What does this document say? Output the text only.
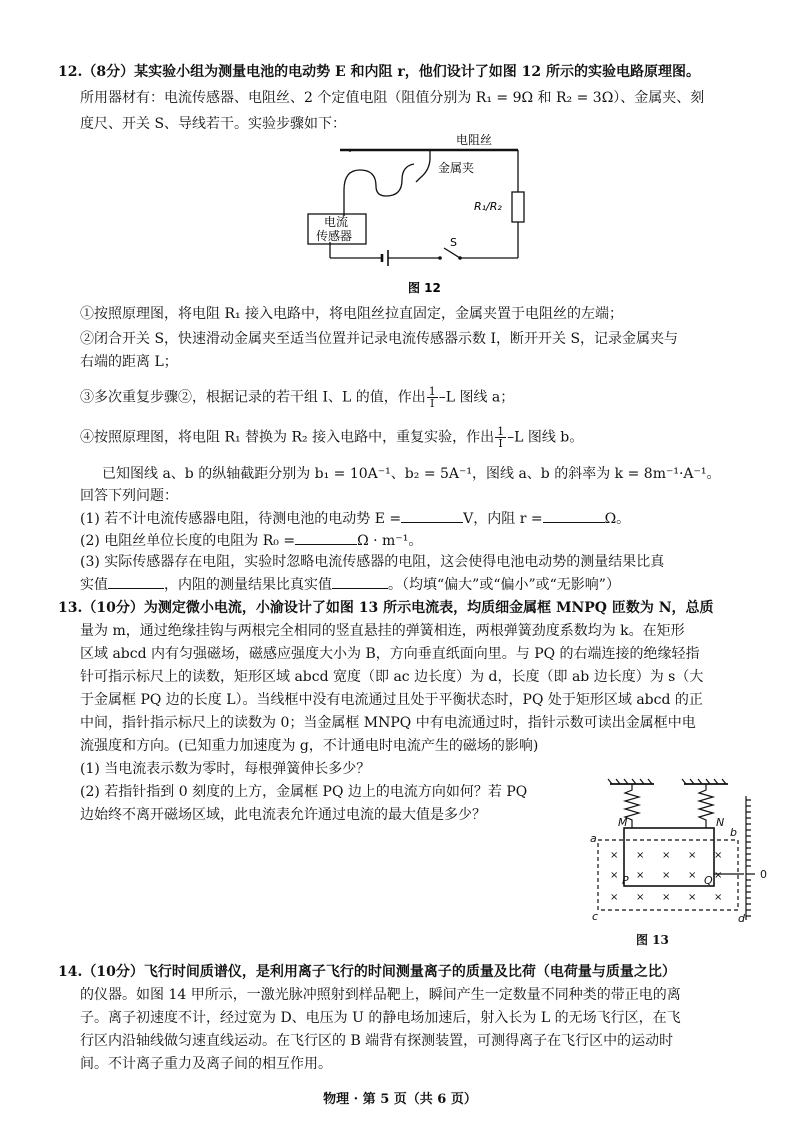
12.（8分）某实验小组为测量电池的电动势 E 和内阻 r，他们设计了如图 12 所示的实验电路原理图。

所用器材有：电流传感器、电阻丝、2 个定值电阻（阻值分别为 R₁ = 9Ω 和 R₂ = 3Ω）、金属夹、刻

度尺、开关 S、导线若干。实验步骤如下：

电阻丝
金属夹
电流
传感器
R₁/R₂
S
图 12

①按照原理图，将电阻 R₁ 接入电路中，将电阻丝拉直固定，金属夹置于电阻丝的左端；

②闭合开关 S，快速滑动金属夹至适当位置并记录电流传感器示数 I，断开开关 S，记录金属夹与

右端的距离 L；

③多次重复步骤②，根据记录的若干组 I、L 的值，作出 $\frac{1}{I} -L$ 图线 a；

④按照原理图，将电阻 R₁ 替换为 R₂ 接入电路中，重复实验，作出 $\frac{1}{I} -L$ 图线 b。

已知图线 a、b 的纵轴截距分别为 b₁ = 10A⁻¹、b₂ = 5A⁻¹，图线 a、b 的斜率为 k = 8m⁻¹·A⁻¹。

回答下列问题：

(1) 若不计电流传感器电阻，待测电池的电动势 E =	V，内阻 r =	Ω。

(2) 电阻丝单位长度的电阻为 R₀ =	Ω · m⁻¹。

(3) 实际传感器存在电阻，实验时忽略电流传感器的电阻，这会使得电池电动势的测量结果比真

实值	，内阻的测量结果比真实值	。（均填“偏大”或“偏小”或“无影响”）

13.（10分）为测定微小电流，小渝设计了如图 13 所示电流表，均质细金属框 MNPQ 匝数为 N，总质

量为 m，通过绝缘挂钩与两根完全相同的竖直悬挂的弹簧相连，两根弹簧劲度系数均为 k。在矩形

区域 abcd 内有匀强磁场，磁感应强度大小为 B，方向垂直纸面向里。与 PQ 的右端连接的绝缘轻指

针可指示标尺上的读数，矩形区域 abcd 宽度（即 ac 边长度）为 d，长度（即 ab 边长度）为 s（大

于金属框 PQ 边的长度 L）。当线框中没有电流通过且处于平衡状态时，PQ 处于矩形区域 abcd 的正

中间，指针指示标尺上的读数为 0；当金属框 MNPQ 中有电流通过时，指针示数可读出金属框中电

流强度和方向。(已知重力加速度为 g，不计通电时电流产生的磁场的影响)

(1) 当电流表示数为零时，每根弹簧伸长多少？

(2) 若指针指到 0 刻度的上方，金属框 PQ 边上的电流方向如何？若 PQ

边始终不离开磁场区域，此电流表允许通过电流的最大值是多少？

× × × × ×
× × × × ×
× × × × ×
M	N
a	b
c	d
P	Q	0

图 13

14.（10分）飞行时间质谱仪，是利用离子飞行的时间测量离子的质量及比荷（电荷量与质量之比）

的仪器。如图 14 甲所示，一激光脉冲照射到样品靶上，瞬间产生一定数量不同种类的带正电的离

子。离子初速度不计，经过宽为 D、电压为 U 的静电场加速后，射入长为 L 的无场飞行区，在飞

行区内沿轴线做匀速直线运动。在飞行区的 B 端背有探测装置，可测得离子在飞行区中的运动时

间。不计离子重力及离子间的相互作用。

物理 · 第 5 页（共 6 页）
